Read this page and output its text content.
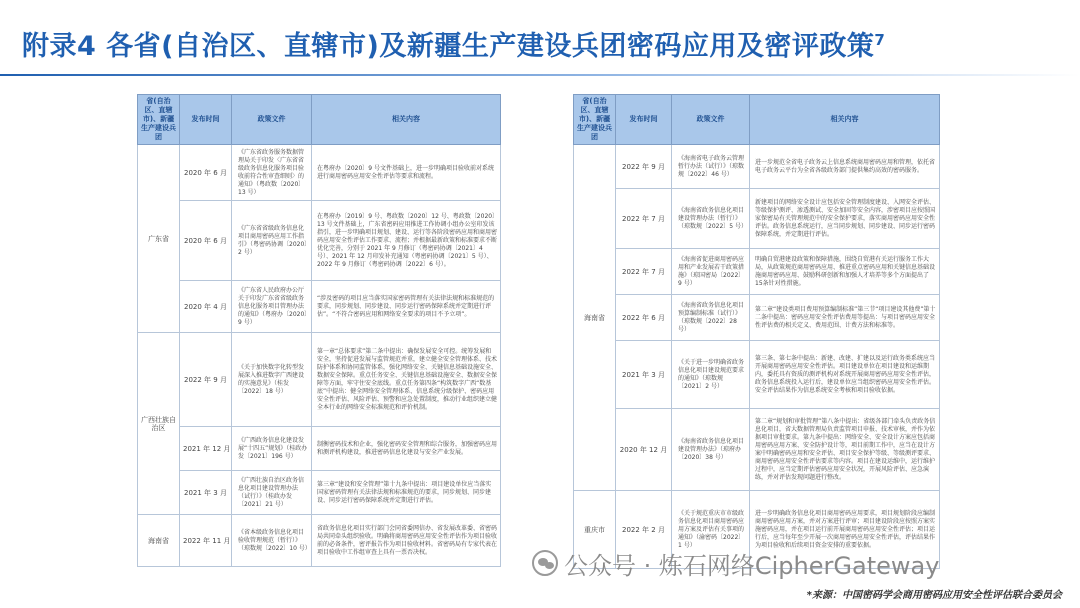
附录4 各省(自治区、直辖市)及新疆生产建设兵团密码应用及密评政策$^7$
省(自治区、直辖市)、新疆生产建设兵团	发布时间	政策文件	相关内容
广东省	2020 年 6 月	《广东省政务服务数据管理局关于印发〈广东省省级政务信息化服务项目验收前符合性审查细则〉的通知》（粤政数〔2020〕13 号）	在粤府办〔2020〕9 号文件基础上，进一步明确项目验收前对系统进行商用密码应用安全性评估等要求和流程。
	2020 年 6 月	《广东省省级政务信息化项目商用密码应用工作指引》（粤密码协调〔2020〕2 号）	在粤府办〔2019〕9 号、粤政数〔2020〕12 号、粤政数〔2020〕13 号文件基础上，广东省密码应用推进工作协调小组办公室印发该指引，进一步明确项目规划、建设、运行等各阶段密码应用和商用密码应用安全性评估工作要求、流程；并根据最新政策和标准要求不断优化完善，分别于 2021 年 9 月修订（粤密码协调〔2021〕4 号）、2021 年 12 月印发补充通知（粤密码协调〔2021〕5 号）、2022 年 9 月修订（粤密码协调〔2022〕6 号）。
	2020 年 4 月	《广东省人民政府办公厅关于印发广东省省级政务信息化服务项目管理办法的通知》（粤府办〔2020〕9 号）	“涉及密码的项目应当落实国家密码管理有关法律法规和标准规范的要求，同步规划、同步建设、同步运行密码保障系统并定期进行评估”。“不符合密码应用和网络安全要求的项目不予立项”。
广西壮族自治区	2022 年 9 月	《关于加快数字化转型发展深入推进数字广西建设的实施意见》（桂发〔2022〕18 号）	第一章“总体要求”第二条中提出：确保发展安全可控。统筹发展和安全，坚持促进发展与监管规范并重，建立健全安全管理体系、技术防护体系和协同监管体系，强化网络安全、关键信息基础设施安全、数据安全保障。重点任务安全、关键信息基础设施安全、数据安全保障等方面，牢守住安全底线。重点任务第四条“构筑数字广西“数基底”中提出：健全网络安全管理体系、信息系统分级保护、密码应用安全性评估、风险评估、预警和应急处置制度，推动行业组织建立健全本行业的网络安全标准规范和评价机制。
	2021 年 12 月	《广西政务信息化建设发展“十四五”规划》（桂政办发〔2021〕196 号）	制衡密码技术和企业，强化密码安全管理和综合服务，加强密码应用和测评机构建设，推进密码信息化建设与安全产业发展。
	2021 年 3 月	《广西壮族自治区政务信息化项目建设管理办法（试行）》（桂政办发〔2021〕21 号）	第三章“建设和安全管理”第十九条中提出：项目建设单位应当落实国家密码管理有关法律法规和标准规范的要求，同步规划、同步建设、同步运行密码保障系统并定期进行评估。
海南省	2022 年 11 月	《省本级政务信息化项目验收管理规范（暂行）》（琼数规〔2022〕10 号）	省政务信息化项目实行部门会同省委网信办、省发展改革委、省密码局共同牵头组织验收。明确将商用密码应用安全性评估作为项目验收前的必备条件，密评报告作为项目验收材料。省密码局有专家代表在项目验收中工作组审查上具有一票否决权。
省(自治区、直辖市)、新疆生产建设兵团	发布时间	政策文件	相关内容
海南省	2022 年 9 月	《海南省电子政务云管理暂行办法（试行）》（琼数规〔2022〕46 号）	进一步规范全省电子政务云上信息系统商用密码应用和管理，依托省电子政务云平台为全省各级政务部门提供集约高效的密码服务。
	2022 年 7 月	《海南省政务信息化项目建设管理办法（暂行）》（琼数规〔2022〕5 号）	新建项目的网络安全设计应包括安全管理制度建设、入网安全评估、等级保护测评、渗透测试、安全加固等安全内容，涉密项目应按照国家保密局有关管理规范中的安全保护要求，落实商用密码应用安全性评估。政务信息系统运行，应当同步规划、同步建设、同步运行密码保障系统，并定期进行评估。
	2022 年 7 月	《海南省促进商用密码应用和产业发展若干政策措施》（琼国密局〔2022〕9 号）	明确自贸港建设政策和保障措施，围绕自贸港有关运行服务工作大局，从政策规范商用密码应用、推进重点密码应用和关键信息基础设施商用密码应用、鼓励科研创新和加强人才培养等多个方面提出了15条针对性措施。
	2022 年 6 月	《海南省政务信息化项目预算编制标准（试行）》（琼数规〔2022〕28 号）	第二章“建设类项目费用预算编制标准”第三节“项目建设其他费”第十二条中提出：密码应用安全性评估费用等提出：与项目密码应用安全性评估费的相关定义、费用范围、计费方法和标准等。
	2021 年 3 月	《关于进一步明确省政务信息化项目建设规范要求的通知》（琼数规〔2021〕2 号）	第三条、第七条中提出：新建、改建、扩建以及运行政务类系统应当开展商用密码应用安全性评估。项目建设单位在项目建设和运维期内，委托具有资质的测评机构对系统开展商用密码应用安全性评估，政务信息系统投入运行后，建设单位应当组织密码应用安全性评估。安全评估结果作为信息系统安全考核和项目验收依据。
	2020 年 12 月	《海南省政务信息化项目建设管理办法》（琼府办〔2020〕38 号）	第二章“规划和审批管理”第八条中提出：省级各部门牵头负责政务信息化项目，省大数据管理局负责监管项目申报、技术审核，并作为依据项目审批要求。第九条中提出：网络安全、安全设计方案应包括商用密码应用方案、安全防护设计等，项目前期工作中，应当在设计方案中明确密码应用和安全评估、项目安全保护等级、等级测评要求、商用密码应用安全性评估要求等内容。项目在建设运维中，运行维护过程中，应当定期评估密码应用安全状况，开展风险评估、应急演练，并对评估发现问题进行整改。
重庆市	2022 年 2 月	《关于规范重庆市市级政务信息化项目商用密码应用方案及评估有关事项的通知》（渝密码〔2022〕1 号）	进一步明确政务信息化项目商用密码应用要求，项目规划阶段应编制商用密码应用方案，并对方案进行评审；项目建设阶段应按照方案实施密码应用，并在项目运行前开展商用密码应用安全性评估；项目运行后，应当每年至少开展一次商用密码应用安全性评估，评估结果作为项目验收和后续项目资金安排的重要依据。
公众号 · 炼石网络CipherGateway
*来源：中国密码学会商用密码应用安全性评估联合委员会
